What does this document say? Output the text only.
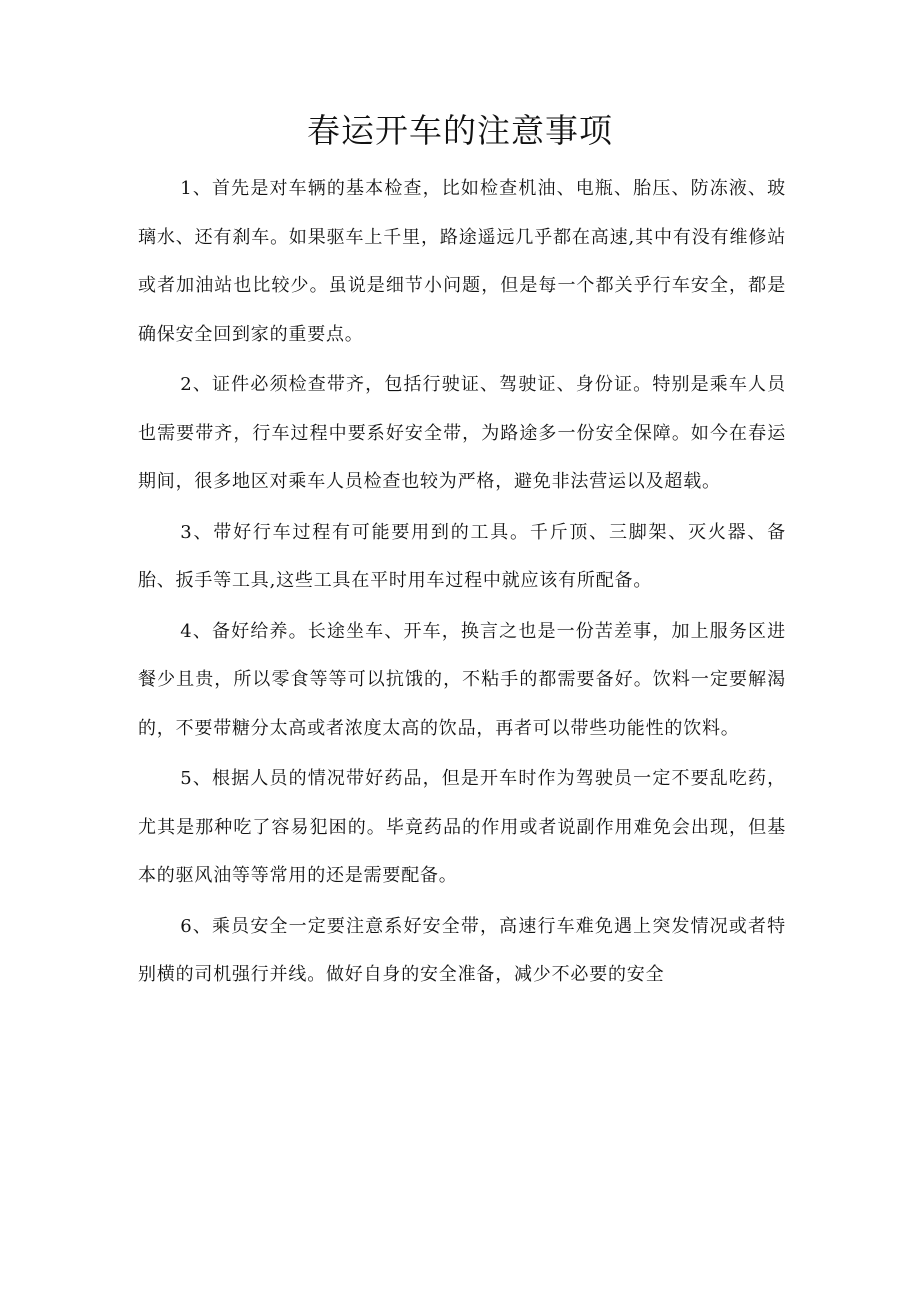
春运开车的注意事项

1、首先是对车辆的基本检查，比如检查机油、电瓶、胎压、防冻液、玻璃水、还有刹车。如果驱车上千里，路途遥远几乎都在高速,其中有没有维修站或者加油站也比较少。虽说是细节小问题，但是每一个都关乎行车安全，都是确保安全回到家的重要点。

2、证件必须检查带齐，包括行驶证、驾驶证、身份证。特别是乘车人员也需要带齐，行车过程中要系好安全带，为路途多一份安全保障。如今在春运期间，很多地区对乘车人员检查也较为严格，避免非法营运以及超载。

3、带好行车过程有可能要用到的工具。千斤顶、三脚架、灭火器、备胎、扳手等工具,这些工具在平时用车过程中就应该有所配备。

4、备好给养。长途坐车、开车，换言之也是一份苦差事，加上服务区进餐少且贵，所以零食等等可以抗饿的，不粘手的都需要备好。饮料一定要解渴的，不要带糖分太高或者浓度太高的饮品，再者可以带些功能性的饮料。

5、根据人员的情况带好药品，但是开车时作为驾驶员一定不要乱吃药，尤其是那种吃了容易犯困的。毕竟药品的作用或者说副作用难免会出现，但基本的驱风油等等常用的还是需要配备。

6、乘员安全一定要注意系好安全带，高速行车难免遇上突发情况或者特别横的司机强行并线。做好自身的安全准备，减少不必要的安全
